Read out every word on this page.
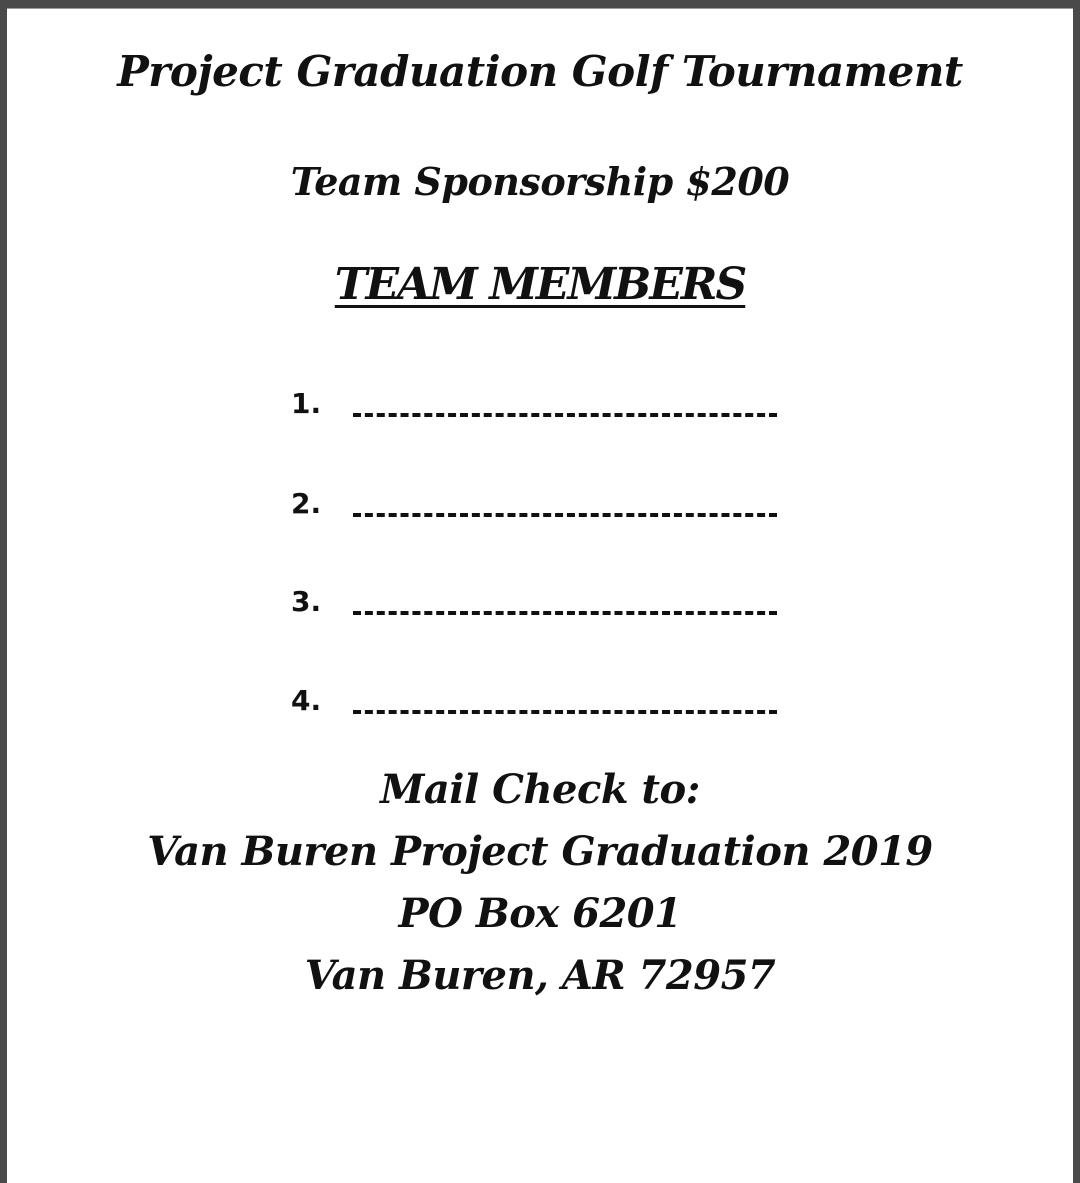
Project Graduation Golf Tournament
Team Sponsorship $200
TEAM MEMBERS
1.
2.
3.
4.
Mail Check to:
Van Buren Project Graduation 2019
PO Box 6201
Van Buren, AR 72957
